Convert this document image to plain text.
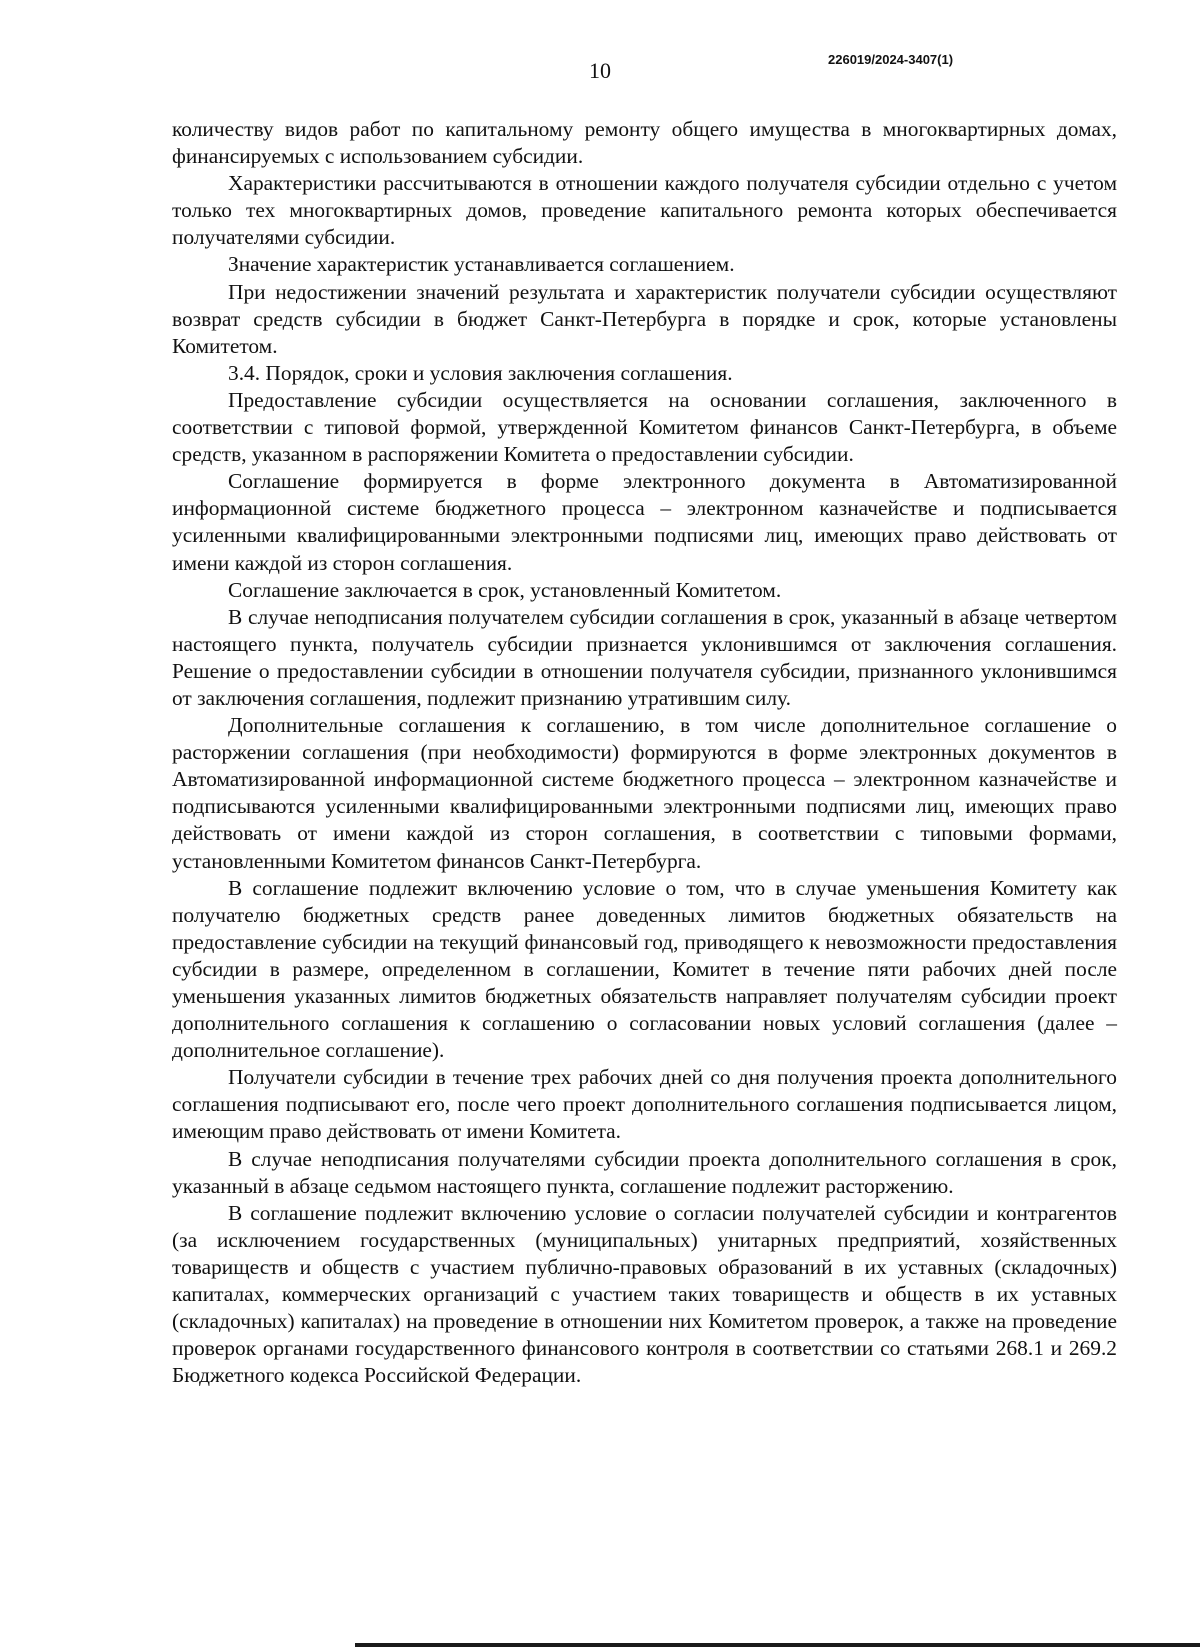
10	226019/2024-3407(1)

количеству видов работ по капитальному ремонту общего имущества в многоквартирных домах, финансируемых с использованием субсидии.

Характеристики рассчитываются в отношении каждого получателя субсидии отдельно с учетом только тех многоквартирных домов, проведение капитального ремонта которых обеспечивается получателями субсидии.

Значение характеристик устанавливается соглашением.

При недостижении значений результата и характеристик получатели субсидии осуществляют возврат средств субсидии в бюджет Санкт-Петербурга в порядке и срок, которые установлены Комитетом.

3.4. Порядок, сроки и условия заключения соглашения.

Предоставление субсидии осуществляется на основании соглашения, заключенного в соответствии с типовой формой, утвержденной Комитетом финансов Санкт-Петербурга, в объеме средств, указанном в распоряжении Комитета о предоставлении субсидии.

Соглашение формируется в форме электронного документа в Автоматизированной информационной системе бюджетного процесса – электронном казначействе и подписывается усиленными квалифицированными электронными подписями лиц, имеющих право действовать от имени каждой из сторон соглашения.

Соглашение заключается в срок, установленный Комитетом.

В случае неподписания получателем субсидии соглашения в срок, указанный в абзаце четвертом настоящего пункта, получатель субсидии признается уклонившимся от заключения соглашения. Решение о предоставлении субсидии в отношении получателя субсидии, признанного уклонившимся от заключения соглашения, подлежит признанию утратившим силу.

Дополнительные соглашения к соглашению, в том числе дополнительное соглашение о расторжении соглашения (при необходимости) формируются в форме электронных документов в Автоматизированной информационной системе бюджетного процесса – электронном казначействе и подписываются усиленными квалифицированными электронными подписями лиц, имеющих право действовать от имени каждой из сторон соглашения, в соответствии с типовыми формами, установленными Комитетом финансов Санкт-Петербурга.

В соглашение подлежит включению условие о том, что в случае уменьшения Комитету как получателю бюджетных средств ранее доведенных лимитов бюджетных обязательств на предоставление субсидии на текущий финансовый год, приводящего к невозможности предоставления субсидии в размере, определенном в соглашении, Комитет в течение пяти рабочих дней после уменьшения указанных лимитов бюджетных обязательств направляет получателям субсидии проект дополнительного соглашения к соглашению о согласовании новых условий соглашения (далее – дополнительное соглашение).

Получатели субсидии в течение трех рабочих дней со дня получения проекта дополнительного соглашения подписывают его, после чего проект дополнительного соглашения подписывается лицом, имеющим право действовать от имени Комитета.

В случае неподписания получателями субсидии проекта дополнительного соглашения в срок, указанный в абзаце седьмом настоящего пункта, соглашение подлежит расторжению.

В соглашение подлежит включению условие о согласии получателей субсидии и контрагентов (за исключением государственных (муниципальных) унитарных предприятий, хозяйственных товариществ и обществ с участием публично-правовых образований в их уставных (складочных) капиталах, коммерческих организаций с участием таких товариществ и обществ в их уставных (складочных) капиталах) на проведение в отношении них Комитетом проверок, а также на проведение проверок органами государственного финансового контроля в соответствии со статьями 268.1 и 269.2 Бюджетного кодекса Российской Федерации.
